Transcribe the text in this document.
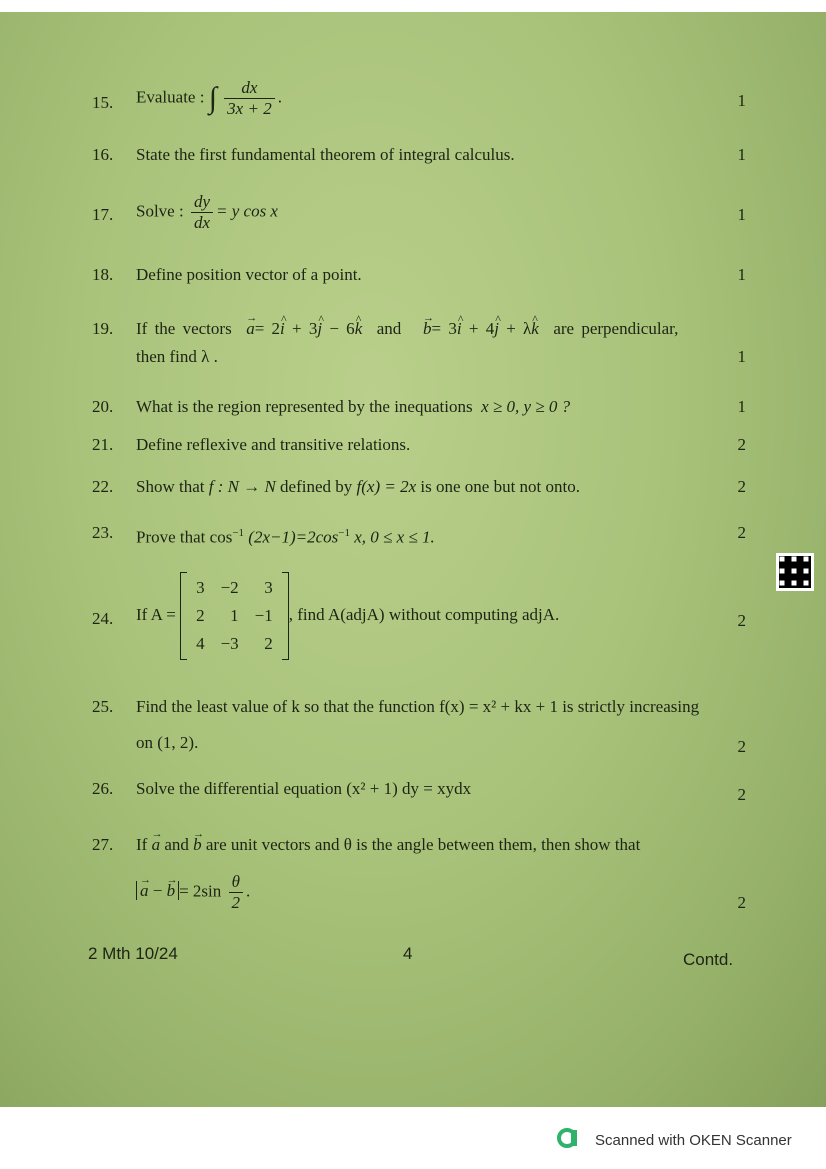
15. Evaluate : ∫ $\frac{dx}{3x + 2}$ .	1
16. State the first fundamental theorem of integral calculus.	1
17. Solve : $\frac{dy}{dx} = y$ cos x	1
18. Define position vector of a point.	1
19. If the vectors → a= 2^ i + 3^ j − 6^ k and → b= 3^ i + 4^ j + λ^ k are perpendicular,
then find λ .	1
20. What is the region represented by the inequations x ≥ 0, y ≥ 0 ?	1
21. Define reflexive and transitive relations.	2
22. Show that f : N → N defined by f(x) = 2x is one one but not onto.	2
23. Prove that $\cos^{-1} (2x-1)=2\cos^{-1}$ x, 0 ≤ x ≤ 1.	2
24. If A =
3	−2	3
2	1	−1
4	−3	2
, find A(adjA) without computing adjA.	2
25. Find the least value of k so that the function f(x) = x² + kx + 1 is strictly increasing
on (1, 2).	2
26. Solve the differential equation (x² + 1) dy = xydx	2
27. If → a and → b are unit vectors and θ is the angle between them, then show that
→ a − → $b = 2\sin \frac{\theta}{2}$ .
2
2 Mth 10/24	4	Contd.
Scanned with OKEN Scanner
